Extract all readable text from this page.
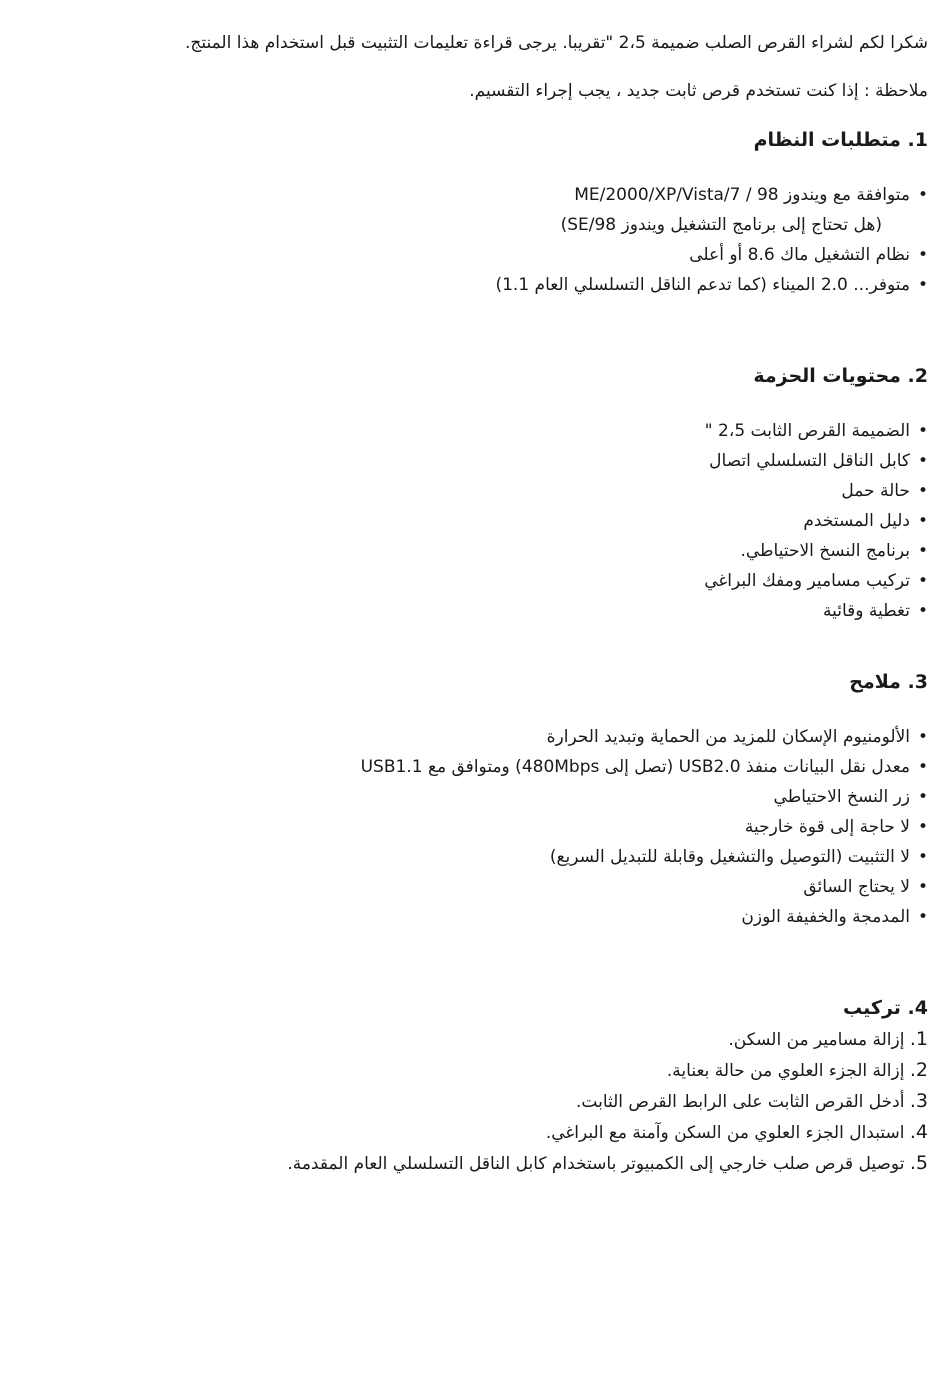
شكرا لكم لشراء القرص الصلب ضميمة 2،5 "تقريبا. يرجى قراءة تعليمات التثبيت قبل استخدام هذا المنتج.

ملاحظة : إذا كنت تستخدم قرص ثابت جديد ، يجب إجراء التقسيم.

1. متطلبات النظام
• متوافقة مع ويندوز ME/2000/XP/Vista/7 / 98
(هل تحتاج إلى برنامج التشغيل ويندوز SE/98)
• نظام التشغيل ماك 8.6 أو أعلى
• متوفر... 2.0 الميناء (كما تدعم الناقل التسلسلي العام 1.1)
2. محتويات الحزمة
• الضميمة القرص الثابت 2،5 "
• كابل الناقل التسلسلي اتصال
• حالة حمل
• دليل المستخدم
• برنامج النسخ الاحتياطي.
• تركيب مسامير ومفك البراغي
• تغطية وقائية
3. ملامح
• الألومنيوم الإسكان للمزيد من الحماية وتبديد الحرارة
• معدل نقل البيانات منفذ USB2.0 (تصل إلى 480Mbps) ومتوافق مع USB1.1
• زر النسخ الاحتياطي
• لا حاجة إلى قوة خارجية
• لا التثبيت (التوصيل والتشغيل وقابلة للتبديل السريع)
• لا يحتاج السائق
• المدمجة والخفيفة الوزن
4. تركيب
1. إزالة مسامير من السكن.
2. إزالة الجزء العلوي من حالة بعناية.
3. أدخل القرص الثابت على الرابط القرص الثابت.
4. استبدال الجزء العلوي من السكن وآمنة مع البراغي.
5. توصيل قرص صلب خارجي إلى الكمبيوتر باستخدام كابل الناقل التسلسلي العام المقدمة.
